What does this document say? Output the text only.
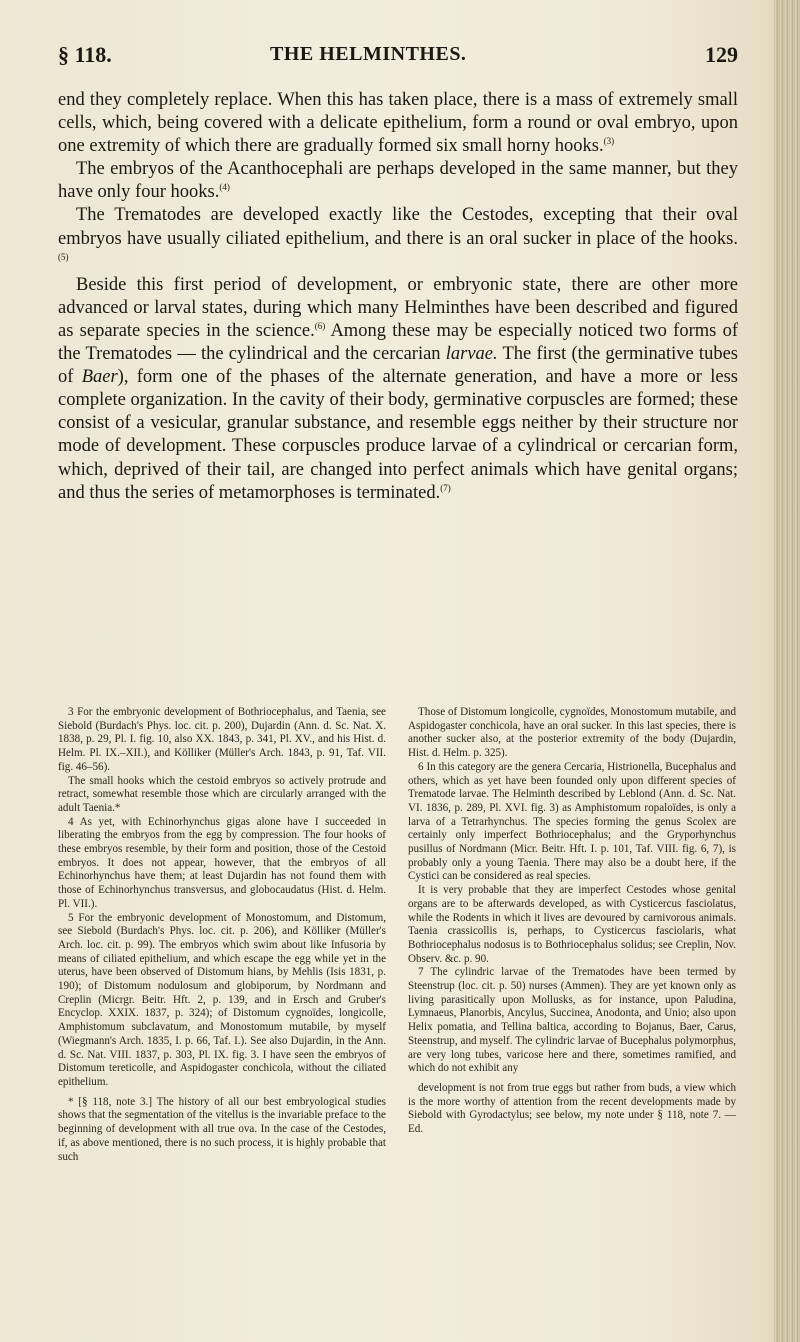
§ 118.	THE HELMINTHES.	129

end they completely replace. When this has taken place, there is a mass of extremely small cells, which, being covered with a delicate epithelium, form a round or oval embryo, upon one extremity of which there are gradually formed six small horny hooks.$^{(3)}$

The embryos of the Acanthocephali are perhaps developed in the same manner, but they have only four hooks.$^{(4)}$

The Trematodes are developed exactly like the Cestodes, excepting that their oval embryos have usually ciliated epithelium, and there is an oral sucker in place of the hooks.$^{(5)}$

Beside this first period of development, or embryonic state, there are other more advanced or larval states, during which many Helminthes have been described and figured as separate species in the science.$^{(6)}$ Among these may be especially noticed two forms of the Trematodes — the cylindrical and the cercarian larvae. The first (the germinative tubes of Baer), form one of the phases of the alternate generation, and have a more or less complete organization. In the cavity of their body, germinative corpuscles are formed; these consist of a vesicular, granular substance, and resemble eggs neither by their structure nor mode of development. These corpuscles produce larvae of a cylindrical or cercarian form, which, deprived of their tail, are changed into perfect animals which have genital organs; and thus the series of metamorphoses is terminated.$^{(7)}$

3 For the embryonic development of Bothriocephalus, and Taenia, see Siebold (Burdach's Phys. loc. cit. p. 200), Dujardin (Ann. d. Sc. Nat. X. 1838, p. 29, Pl. I. fig. 10, also XX. 1843, p. 341, Pl. XV., and his Hist. d. Helm. Pl. IX.–XII.), and Kölliker (Müller's Arch. 1843, p. 91, Taf. VII. fig. 46–56).

The small hooks which the cestoid embryos so actively protrude and retract, somewhat resemble those which are circularly arranged with the adult Taenia.*

4 As yet, with Echinorhynchus gigas alone have I succeeded in liberating the embryos from the egg by compression. The four hooks of these embryos resemble, by their form and position, those of the Cestoid embryos. It does not appear, however, that the embryos of all Echinorhynchus have them; at least Dujardin has not found them with those of Echinorhynchus transversus, and globocaudatus (Hist. d. Helm. Pl. VII.).

5 For the embryonic development of Monostomum, and Distomum, see Siebold (Burdach's Phys. loc. cit. p. 206), and Kölliker (Müller's Arch. loc. cit. p. 99). The embryos which swim about like Infusoria by means of ciliated epithelium, and which escape the egg while yet in the uterus, have been observed of Distomum hians, by Mehlis (Isis 1831, p. 190); of Distomum nodulosum and globiporum, by Nordmann and Creplin (Micrgr. Beitr. Hft. 2, p. 139, and in Ersch and Gruber's Encyclop. XXIX. 1837, p. 324); of Distomum cygnoïdes, longicolle, Amphistomum subclavatum, and Monostomum mutabile, by myself (Wiegmann's Arch. 1835, I. p. 66, Taf. I.). See also Dujardin, in the Ann. d. Sc. Nat. VIII. 1837, p. 303, Pl. IX. fig. 3. I have seen the embryos of Distomum tereticolle, and Aspidogaster conchicola, without the ciliated epithelium.

* [§ 118, note 3.] The history of all our best embryological studies shows that the segmentation of the vitellus is the invariable preface to the beginning of development with all true ova. In the case of the Cestodes, if, as above mentioned, there is no such process, it is highly probable that such

Those of Distomum longicolle, cygnoïdes, Monostomum mutabile, and Aspidogaster conchicola, have an oral sucker. In this last species, there is another sucker also, at the posterior extremity of the body (Dujardin, Hist. d. Helm. p. 325).

6 In this category are the genera Cercaria, Histrionella, Bucephalus and others, which as yet have been founded only upon different species of Trematode larvae. The Helminth described by Leblond (Ann. d. Sc. Nat. VI. 1836, p. 289, Pl. XVI. fig. 3) as Amphistomum ropaloïdes, is only a larva of a Tetrarhynchus. The species forming the genus Scolex are certainly only imperfect Bothriocephalus; and the Gryporhynchus pusillus of Nordmann (Micr. Beitr. Hft. I. p. 101, Taf. VIII. fig. 6, 7), is probably only a young Taenia. There may also be a doubt here, if the Cystici can be considered as real species.

It is very probable that they are imperfect Cestodes whose genital organs are to be afterwards developed, as with Cysticercus fasciolatus, while the Rodents in which it lives are devoured by carnivorous animals. Taenia crassicollis is, perhaps, to Cysticercus fasciolaris, what Bothriocephalus nodosus is to Bothriocephalus solidus; see Creplin, Nov. Observ. &c. p. 90.

7 The cylindric larvae of the Trematodes have been termed by Steenstrup (loc. cit. p. 50) nurses (Ammen). They are yet known only as living parasitically upon Mollusks, as for instance, upon Paludina, Lymnaeus, Planorbis, Ancylus, Succinea, Anodonta, and Unio; also upon Helix pomatia, and Tellina baltica, according to Bojanus, Baer, Carus, Steenstrup, and myself. The cylindric larvae of Bucephalus polymorphus, are very long tubes, varicose here and there, sometimes ramified, and which do not exhibit any

development is not from true eggs but rather from buds, a view which is the more worthy of attention from the recent developments made by Siebold with Gyrodactylus; see below, my note under § 118, note 7. — Ed.
